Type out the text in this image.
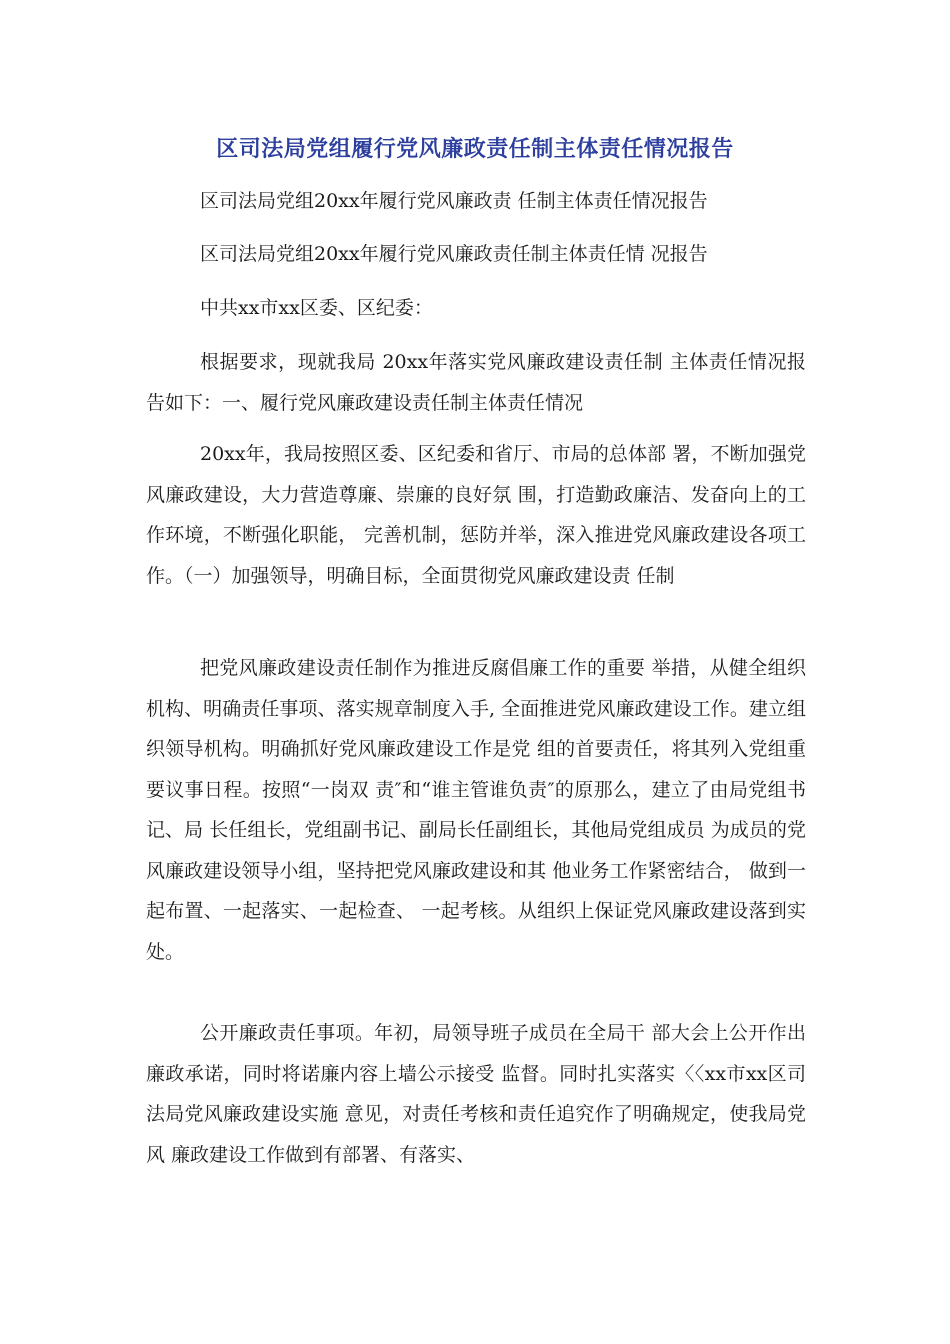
区司法局党组履行党风廉政责任制主体责任情况报告

区司法局党组20xx年履行党风廉政责 任制主体责任情况报告

区司法局党组20xx年履行党风廉政责任制主体责任情 况报告

中共xx市xx区委、区纪委：

根据要求，现就我局 20xx年落实党风廉政建设责任制 主体责任情况报告如下：一、履行党风廉政建设责任制主体责任情况

20xx年，我局按照区委、区纪委和省厅、市局的总体部 署，不断加强党风廉政建设，大力营造尊廉、崇廉的良好氛 围，打造勤政廉洁、发奋向上的工作环境，不断强化职能， 完善机制，惩防并举，深入推进党风廉政建设各项工作。（一）加强领导，明确目标，全面贯彻党风廉政建设责 任制

把党风廉政建设责任制作为推进反腐倡廉工作的重要 举措，从健全组织机构、明确责任事项、落实规章制度入手, 全面推进党风廉政建设工作。建立组织领导机构。明确抓好党风廉政建设工作是党 组的首要责任，将其列入党组重要议事日程。按照“一岗双 责″和“谁主管谁负责″的原那么，建立了由局党组书记、局 长任组长，党组副书记、副局长任副组长，其他局党组成员 为成员的党风廉政建设领导小组，坚持把党风廉政建设和其 他业务工作紧密结合， 做到一起布置、一起落实、一起检查、 一起考核。从组织上保证党风廉政建设落到实处。

公开廉政责任事项。年初，局领导班子成员在全局干 部大会上公开作出廉政承诺，同时将诺廉内容上墙公示接受 监督。同时扎实落实〈〈xx市xx区司法局党风廉政建设实施 意见，对责任考核和责任追究作了明确规定，使我局党风 廉政建设工作做到有部署、有落实、
